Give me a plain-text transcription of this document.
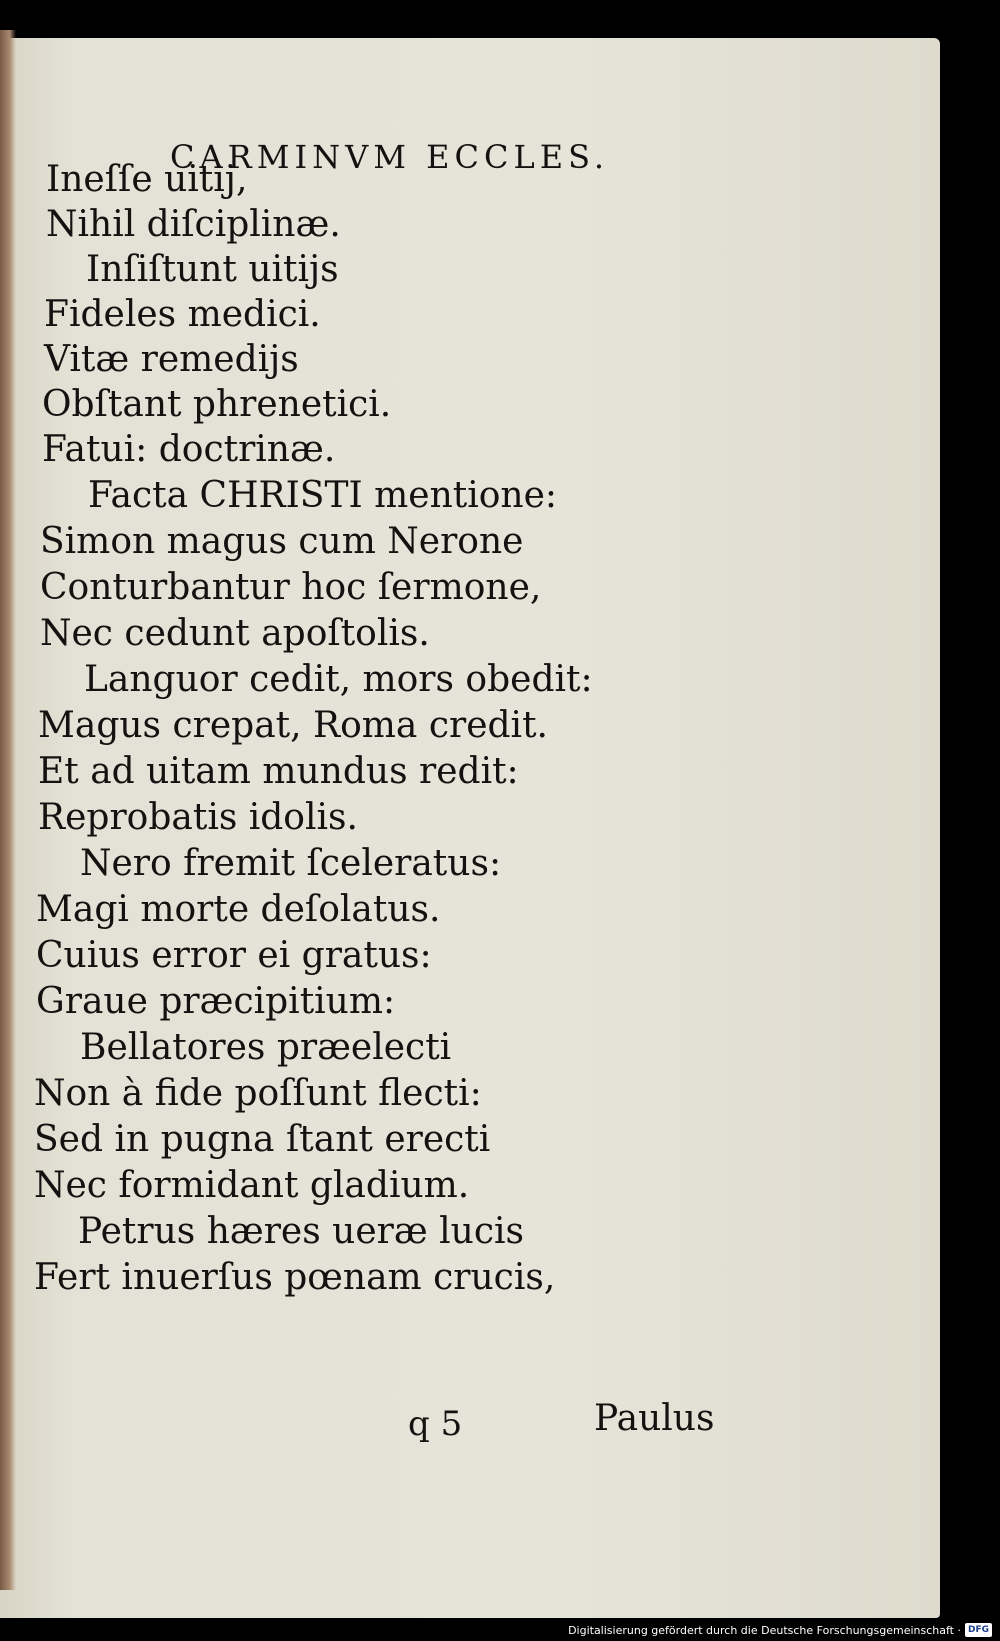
CARMINVM ECCLES.
Ineſſe uitij,
Nihil diſciplinæ.
Inſiſtunt uitijs
Fideles medici.
Vitæ remedijs
Obſtant phrenetici.
Fatui: doctrinæ.
Facta CHRISTI mentione:
Simon magus cum Nerone
Conturbantur hoc ſermone,
Nec cedunt apoſtolis.
Languor cedit, mors obedit:
Magus crepat, Roma credit.
Et ad uitam mundus redit:
Reprobatis idolis.
Nero fremit ſceleratus:
Magi morte deſolatus.
Cuius error ei gratus:
Graue præcipitium:
Bellatores præelecti
Non à fide poſſunt flecti:
Sed in pugna ſtant erecti
Nec formidant gladium.
Petrus hæres ueræ lucis
Fert inuerſus pœnam crucis,
q 5	Paulus
Digitalisierung gefördert durch die Deutsche Forschungsgemeinschaft · DFG
